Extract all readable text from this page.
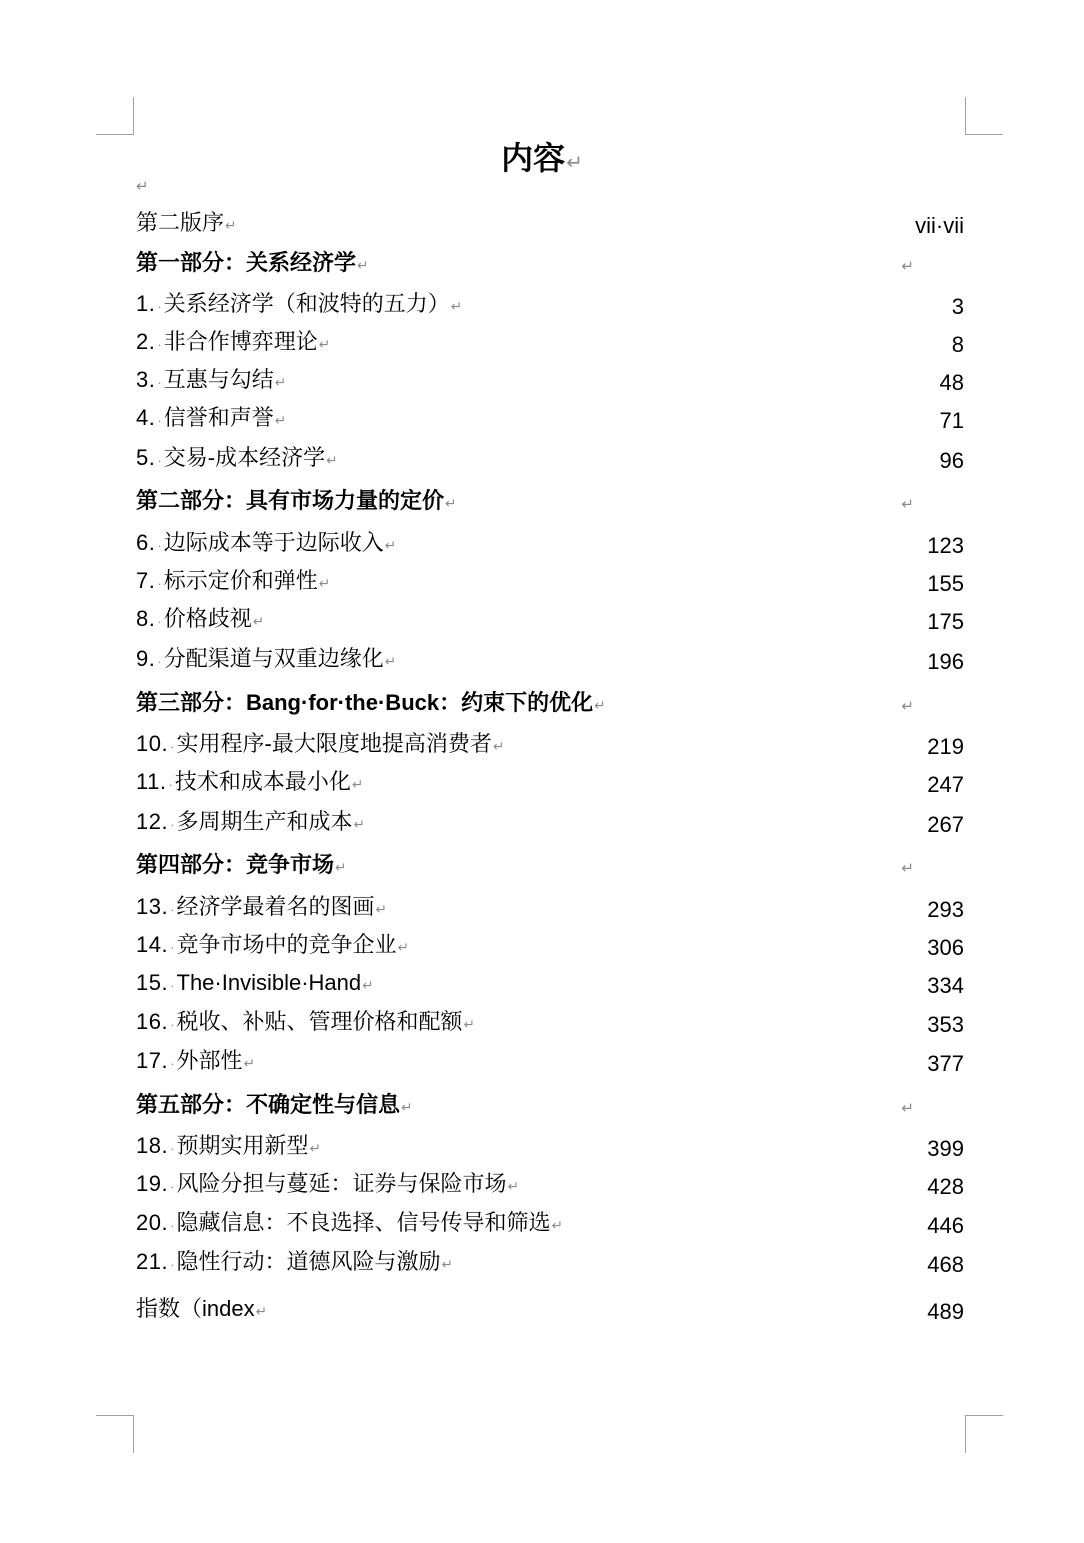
内容↵
↵
第二版序↵	vii·vii
第一部分：关系经济学↵	↵
1. ·关系经济学（和波特的五力）↵	3
2. ·非合作博弈理论↵	8
3. ·互惠与勾结↵	48
4. ·信誉和声誉↵	71
5. ·交易-成本经济学↵	96
第二部分：具有市场力量的定价↵	↵
6. ·边际成本等于边际收入↵	123
7. ·标示定价和弹性↵	155
8. ·价格歧视↵	175
9. ·分配渠道与双重边缘化↵	196
第三部分：Bang·for·the·Buck：约束下的优化↵	↵
10. ·实用程序-最大限度地提高消费者↵	219
11. ·技术和成本最小化↵	247
12. ·多周期生产和成本↵	267
第四部分：竞争市场↵	↵
13. ·经济学最着名的图画↵	293
14. ·竞争市场中的竞争企业↵	306
15. ·The·Invisible·Hand↵	334
16. ·税收、补贴、管理价格和配额↵	353
17. ·外部性↵	377
第五部分：不确定性与信息↵	↵
18. ·预期实用新型↵	399
19. ·风险分担与蔓延：证券与保险市场↵	428
20. ·隐藏信息：不良选择、信号传导和筛选↵	446
21. ·隐性行动：道德风险与激励↵	468
指数（index↵	489
